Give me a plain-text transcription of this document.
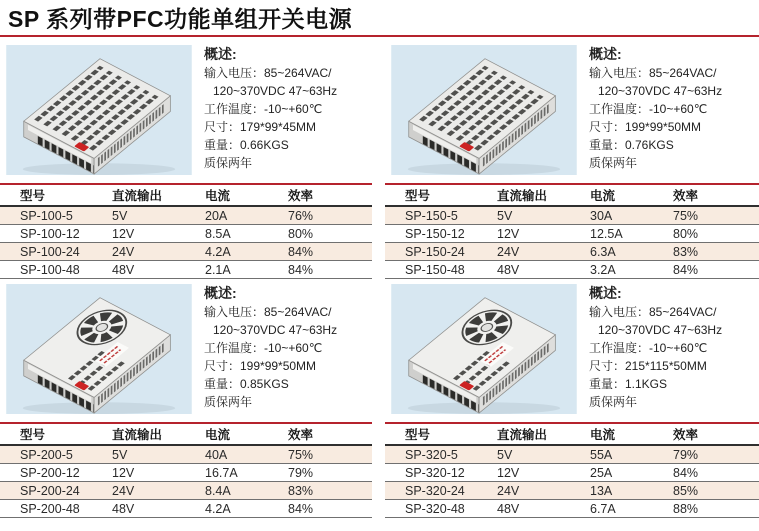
SP 系列带PFC功能单组开关电源
概述:
输入电压：85~264VAC/
120~370VDC 47~63Hz
工作温度：-10~+60℃
尺寸：179*99*45MM
重量：0.66KGS
质保两年
型号	直流输出	电流	效率
SP-100-5	5V	20A	76%
SP-100-12	12V	8.5A	80%
SP-100-24	24V	4.2A	84%
SP-100-48	48V	2.1A	84%
概述:
输入电压：85~264VAC/
120~370VDC 47~63Hz
工作温度：-10~+60℃
尺寸：199*99*50MM
重量：0.76KGS
质保两年
型号	直流输出	电流	效率
SP-150-5	5V	30A	75%
SP-150-12	12V	12.5A	80%
SP-150-24	24V	6.3A	83%
SP-150-48	48V	3.2A	84%
概述:
输入电压：85~264VAC/
120~370VDC 47~63Hz
工作温度：-10~+60℃
尺寸：199*99*50MM
重量：0.85KGS
质保两年
型号	直流输出	电流	效率
SP-200-5	5V	40A	75%
SP-200-12	12V	16.7A	79%
SP-200-24	24V	8.4A	83%
SP-200-48	48V	4.2A	84%
概述:
输入电压：85~264VAC/
120~370VDC 47~63Hz
工作温度：-10~+60℃
尺寸：215*115*50MM
重量：1.1KGS
质保两年
型号	直流输出	电流	效率
SP-320-5	5V	55A	79%
SP-320-12	12V	25A	84%
SP-320-24	24V	13A	85%
SP-320-48	48V	6.7A	88%
